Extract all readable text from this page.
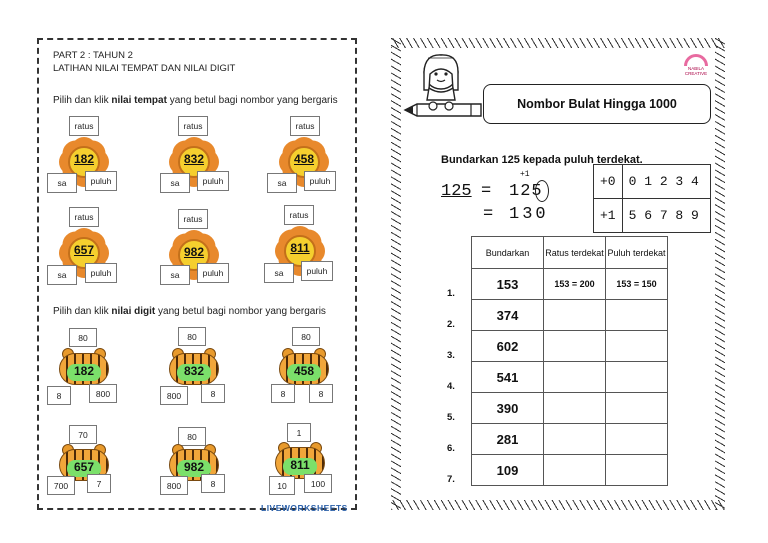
PART 2 : TAHUN 2
LATIHAN NILAI TEMPAT DAN NILAI DIGIT
Pilih dan klik nilai tempat yang betul bagi nombor yang bergaris
ratus
182
sa	puluh
ratus
832
sa	puluh
ratus
458
sa	puluh
ratus
657
sa	puluh
ratus
982
sa	puluh
ratus
811
sa	puluh
Pilih dan klik nilai digit yang betul bagi nombor yang bergaris
80
182
8	800
80
832
800	8
80
458
8	8
70
657
700	7
80
982
800	8
1
811
10	100
LIVEWORKSHEETS
NABILA CREATIVE
Nombor Bulat Hingga 1000
Bundarkan 125 kepada puluh terdekat.
125 = 125
+1
= 130
+0	0 1 2 3 4
+1	5 6 7 8 9
1.
2.
3.
4.
5.
6.
7.
Bundarkan	Ratus terdekat	Puluh terdekat
153	153 = 200	153 = 150
374		
602		
541		
390		
281		
109		
